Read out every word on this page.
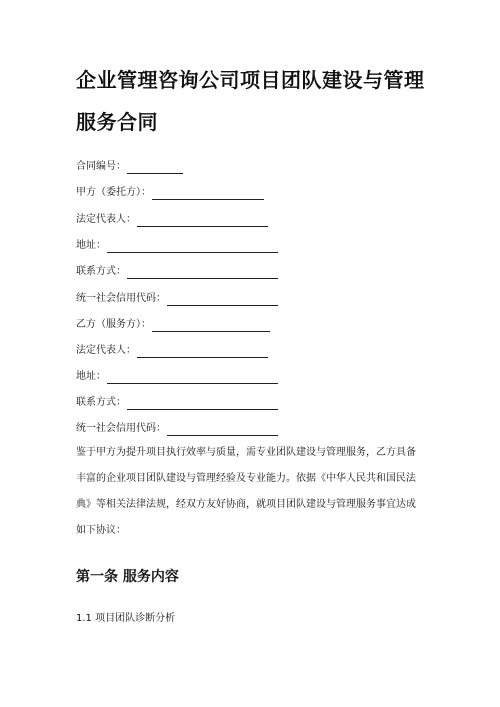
企业管理咨询公司项目团队建设与管理
服务合同
合同编号：
甲方（委托方）：
法定代表人：
地址：
联系方式：
统一社会信用代码：
乙方（服务方）：
法定代表人：
地址：
联系方式：
统一社会信用代码：
鉴于甲方为提升项目执行效率与质量，需专业团队建设与管理服务，乙方具备
丰富的企业项目团队建设与管理经验及专业能力。依据《中华人民共和国民法
典》等相关法律法规，经双方友好协商，就项目团队建设与管理服务事宜达成
如下协议：
第一条 服务内容
1.1 项目团队诊断分析
